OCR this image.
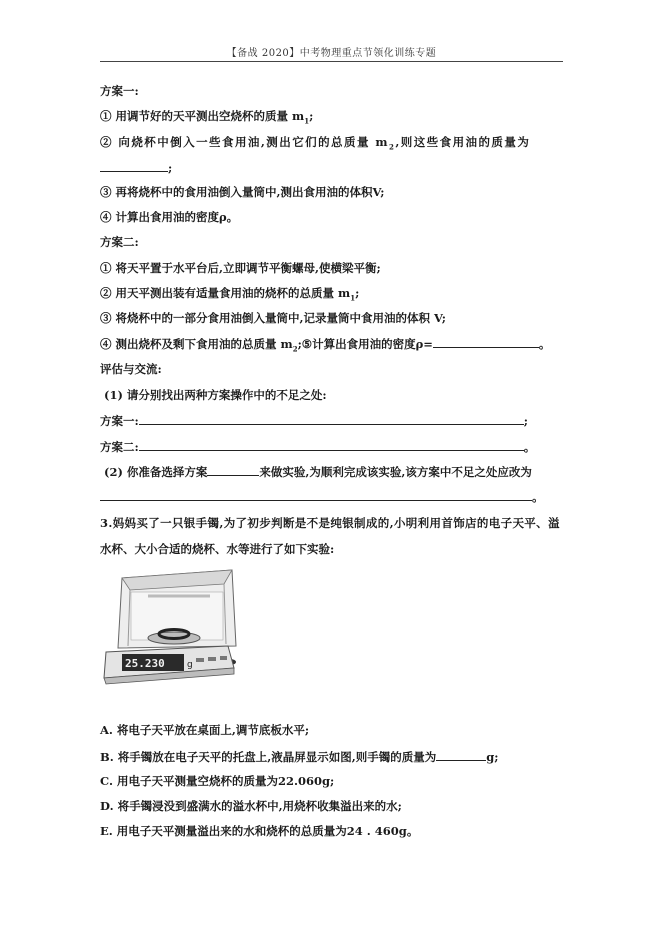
【备战 2020】中考物理重点节领化训练专题
方案一:
① 用调节好的天平测出空烧杯的质量 $m_1$;
② 向烧杯中倒入一些食用油,测出它们的总质量 $m_2$,则这些食用油的质量为
;
③ 再将烧杯中的食用油倒入量筒中,测出食用油的体积V;
④ 计算出食用油的密度ρ。
方案二:
① 将天平置于水平台后,立即调节平衡螺母,使横梁平衡;
② 用天平测出装有适量食用油的烧杯的总质量 $m_1$;
③ 将烧杯中的一部分食用油倒入量筒中,记录量筒中食用油的体积 V;
④ 测出烧杯及剩下食用油的总质量 $m_2;⑤$计算出食用油的密度ρ=	。
评估与交流:
(1) 请分别找出两种方案操作中的不足之处:
方案一:	;
方案二:	。
(2) 你准备选择方案	来做实验,为顺利完成该实验,该方案中不足之处应改为
。
3.妈妈买了一只银手镯,为了初步判断是不是纯银制成的,小明利用首饰店的电子天平、溢
水杯、大小合适的烧杯、水等进行了如下实验:
25.230 g
A. 将电子天平放在桌面上,调节底板水平;
B. 将手镯放在电子天平的托盘上,液晶屏显示如图,则手镯的质量为	g;
C. 用电子天平测量空烧杯的质量为22.060g;
D. 将手镯浸没到盛满水的溢水杯中,用烧杯收集溢出来的水;
E. 用电子天平测量溢出来的水和烧杯的总质量为24 . 460g。
